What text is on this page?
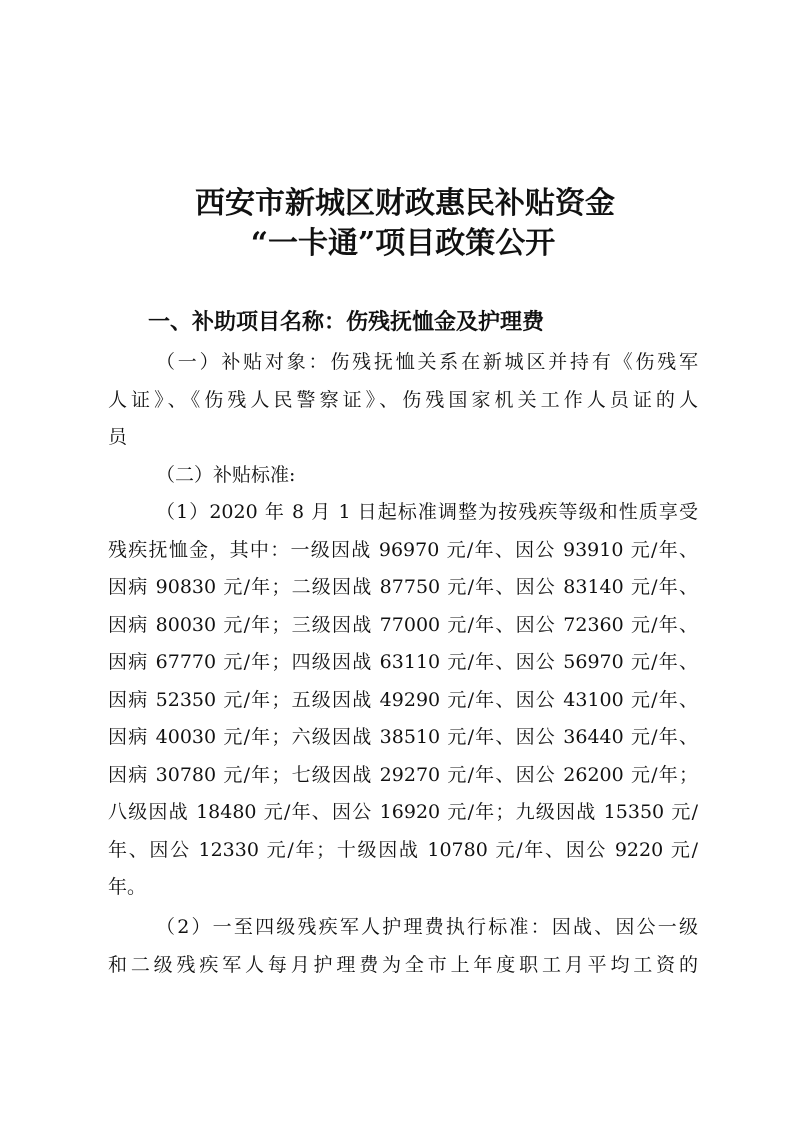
西安市新城区财政惠民补贴资金
“一卡通”项目政策公开
一、补助项目名称：伤残抚恤金及护理费
（一）补贴对象：伤残抚恤关系在新城区并持有《伤残军
人证》、《伤残人民警察证》、伤残国家机关工作人员证的人
员
（二）补贴标准:
（1）2020 年 8 月 1 日起标准调整为按残疾等级和性质享受
残疾抚恤金，其中：一级因战 96970 元/年、因公 93910 元/年、
因病 90830 元/年；二级因战 87750 元/年、因公 83140 元/年、
因病 80030 元/年；三级因战 77000 元/年、因公 72360 元/年、
因病 67770 元/年；四级因战 63110 元/年、因公 56970 元/年、
因病 52350 元/年；五级因战 49290 元/年、因公 43100 元/年、
因病 40030 元/年；六级因战 38510 元/年、因公 36440 元/年、
因病 30780 元/年；七级因战 29270 元/年、因公 26200 元/年；
八级因战 18480 元/年、因公 16920 元/年；九级因战 15350 元/
年、因公 12330 元/年；十级因战 10780 元/年、因公 9220 元/
年。
（2）一至四级残疾军人护理费执行标准：因战、因公一级
和二级残疾军人每月护理费为全市上年度职工月平均工资的
